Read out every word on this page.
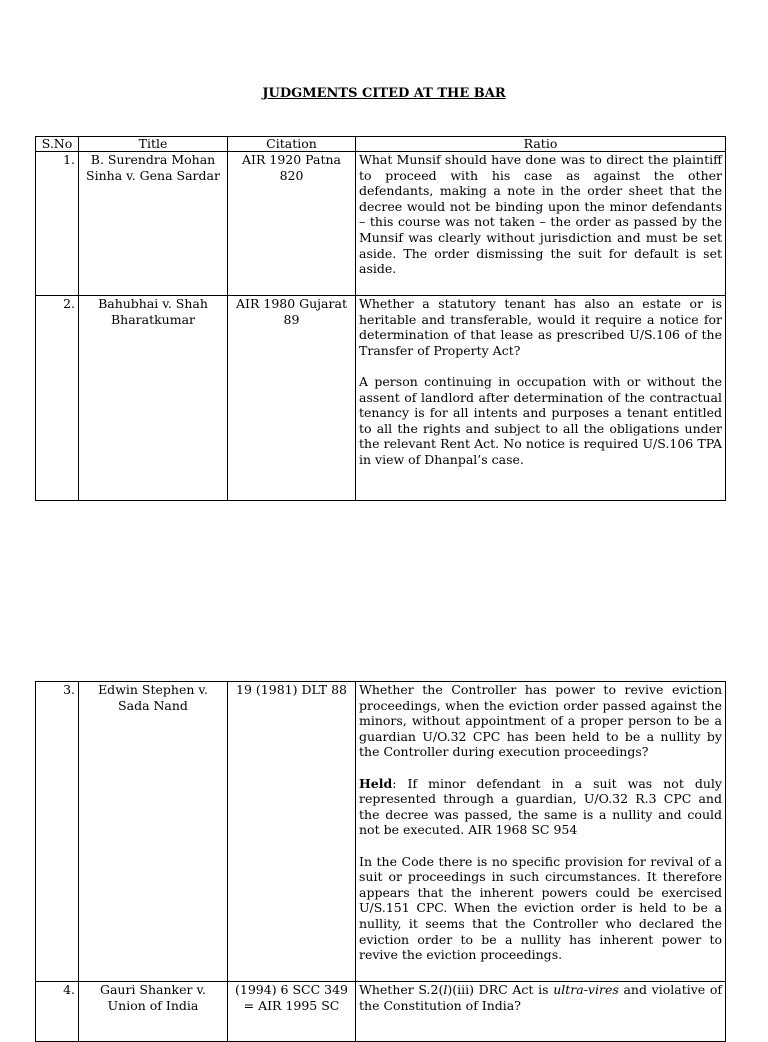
JUDGMENTS CITED AT THE BAR
S.No	Title	Citation	Ratio
1.	B. Surendra Mohan Sinha v. Gena Sardar	AIR 1920 Patna 820	What Munsif should have done was to direct the plaintiff to proceed with his case as against the other defendants, making a note in the order sheet that the decree would not be binding upon the minor defendants – this course was not taken – the order as passed by the Munsif was clearly without jurisdiction and must be set aside. The order dismissing the suit for default is set aside.

2.	Bahubhai v. Shah Bharatkumar	AIR 1980 Gujarat 89	Whether a statutory tenant has also an estate or is heritable and transferable, would it require a notice for determination of that lease as prescribed U/S.106 of the Transfer of Property Act?

A person continuing in occupation with or without the assent of landlord after determination of the contractual tenancy is for all intents and purposes a tenant entitled to all the rights and subject to all the obligations under the relevant Rent Act. No notice is required U/S.106 TPA in view of Dhanpal’s case.

3.	Edwin Stephen v. Sada Nand	19 (1981) DLT 88	Whether the Controller has power to revive eviction proceedings, when the eviction order passed against the minors, without appointment of a proper person to be a guardian U/O.32 CPC has been held to be a nullity by the Controller during execution proceedings?

Held: If minor defendant in a suit was not duly represented through a guardian, U/O.32 R.3 CPC and the decree was passed, the same is a nullity and could not be executed. AIR 1968 SC 954

In the Code there is no specific provision for revival of a suit or proceedings in such circumstances. It therefore appears that the inherent powers could be exercised U/S.151 CPC. When the eviction order is held to be a nullity, it seems that the Controller who declared the eviction order to be a nullity has inherent power to revive the eviction proceedings.

4.	Gauri Shanker v. Union of India	(1994) 6 SCC 349 = AIR 1995 SC	Whether S.2(l)(iii) DRC Act is ultra-vires and violative of the Constitution of India?
